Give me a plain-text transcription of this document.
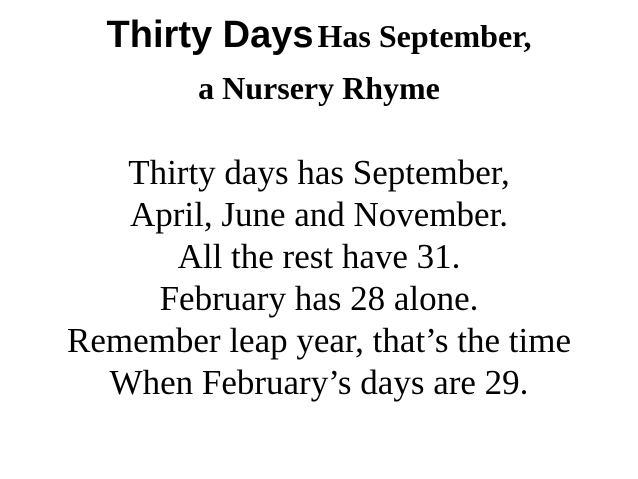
Thirty Days Has September,
a Nursery Rhyme
Thirty days has September,
April, June and November.
All the rest have 31.
February has 28 alone.
Remember leap year, that’s the time
When February’s days are 29.
